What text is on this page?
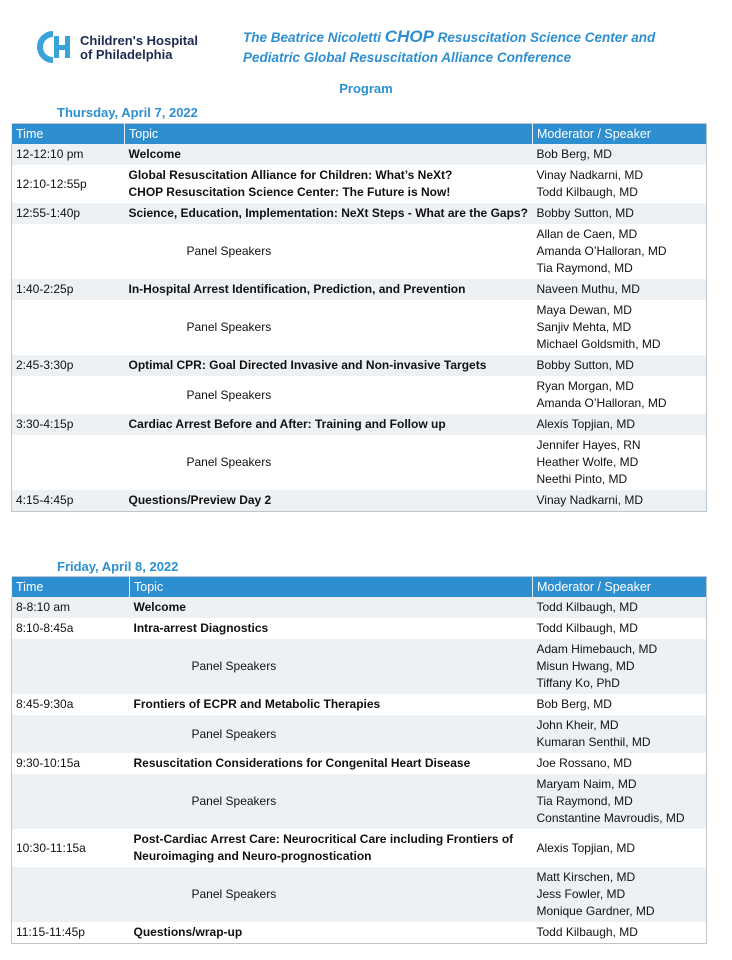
CH
Children's Hospital
of Philadelphia
The Beatrice Nicoletti CHOP Resuscitation Science Center and
Pediatric Global Resuscitation Alliance Conference
Program
Thursday, April 7, 2022
Time	Topic	Moderator / Speaker
12-12:10 pm	Welcome	Bob Berg, MD
12:10-12:55p	Global Resuscitation Alliance for Children: What’s NeXt?
CHOP Resuscitation Science Center: The Future is Now!	Vinay Nadkarni, MD
Todd Kilbaugh, MD
12:55-1:40p	Science, Education, Implementation: NeXt Steps - What are the Gaps?	Bobby Sutton, MD
	Panel Speakers	Allan de Caen, MD
Amanda O’Halloran, MD
Tia Raymond, MD
1:40-2:25p	In-Hospital Arrest Identification, Prediction, and Prevention	Naveen Muthu, MD
	Panel Speakers	Maya Dewan, MD
Sanjiv Mehta, MD
Michael Goldsmith, MD
2:45-3:30p	Optimal CPR: Goal Directed Invasive and Non-invasive Targets	Bobby Sutton, MD
	Panel Speakers	Ryan Morgan, MD
Amanda O’Halloran, MD
3:30-4:15p	Cardiac Arrest Before and After: Training and Follow up	Alexis Topjian, MD
	Panel Speakers	Jennifer Hayes, RN
Heather Wolfe, MD
Neethi Pinto, MD
4:15-4:45p	Questions/Preview Day 2	Vinay Nadkarni, MD
Friday, April 8, 2022
Time	Topic	Moderator / Speaker
8-8:10 am	Welcome	Todd Kilbaugh, MD
8:10-8:45a	Intra-arrest Diagnostics	Todd Kilbaugh, MD
	Panel Speakers	Adam Himebauch, MD
Misun Hwang, MD
Tiffany Ko, PhD
8:45-9:30a	Frontiers of ECPR and Metabolic Therapies	Bob Berg, MD
	Panel Speakers	John Kheir, MD
Kumaran Senthil, MD
9:30-10:15a	Resuscitation Considerations for Congenital Heart Disease	Joe Rossano, MD
	Panel Speakers	Maryam Naim, MD
Tia Raymond, MD
Constantine Mavroudis, MD
10:30-11:15a	Post-Cardiac Arrest Care: Neurocritical Care including Frontiers of
Neuroimaging and Neuro-prognostication	Alexis Topjian, MD
	Panel Speakers	Matt Kirschen, MD
Jess Fowler, MD
Monique Gardner, MD
11:15-11:45p	Questions/wrap-up	Todd Kilbaugh, MD
